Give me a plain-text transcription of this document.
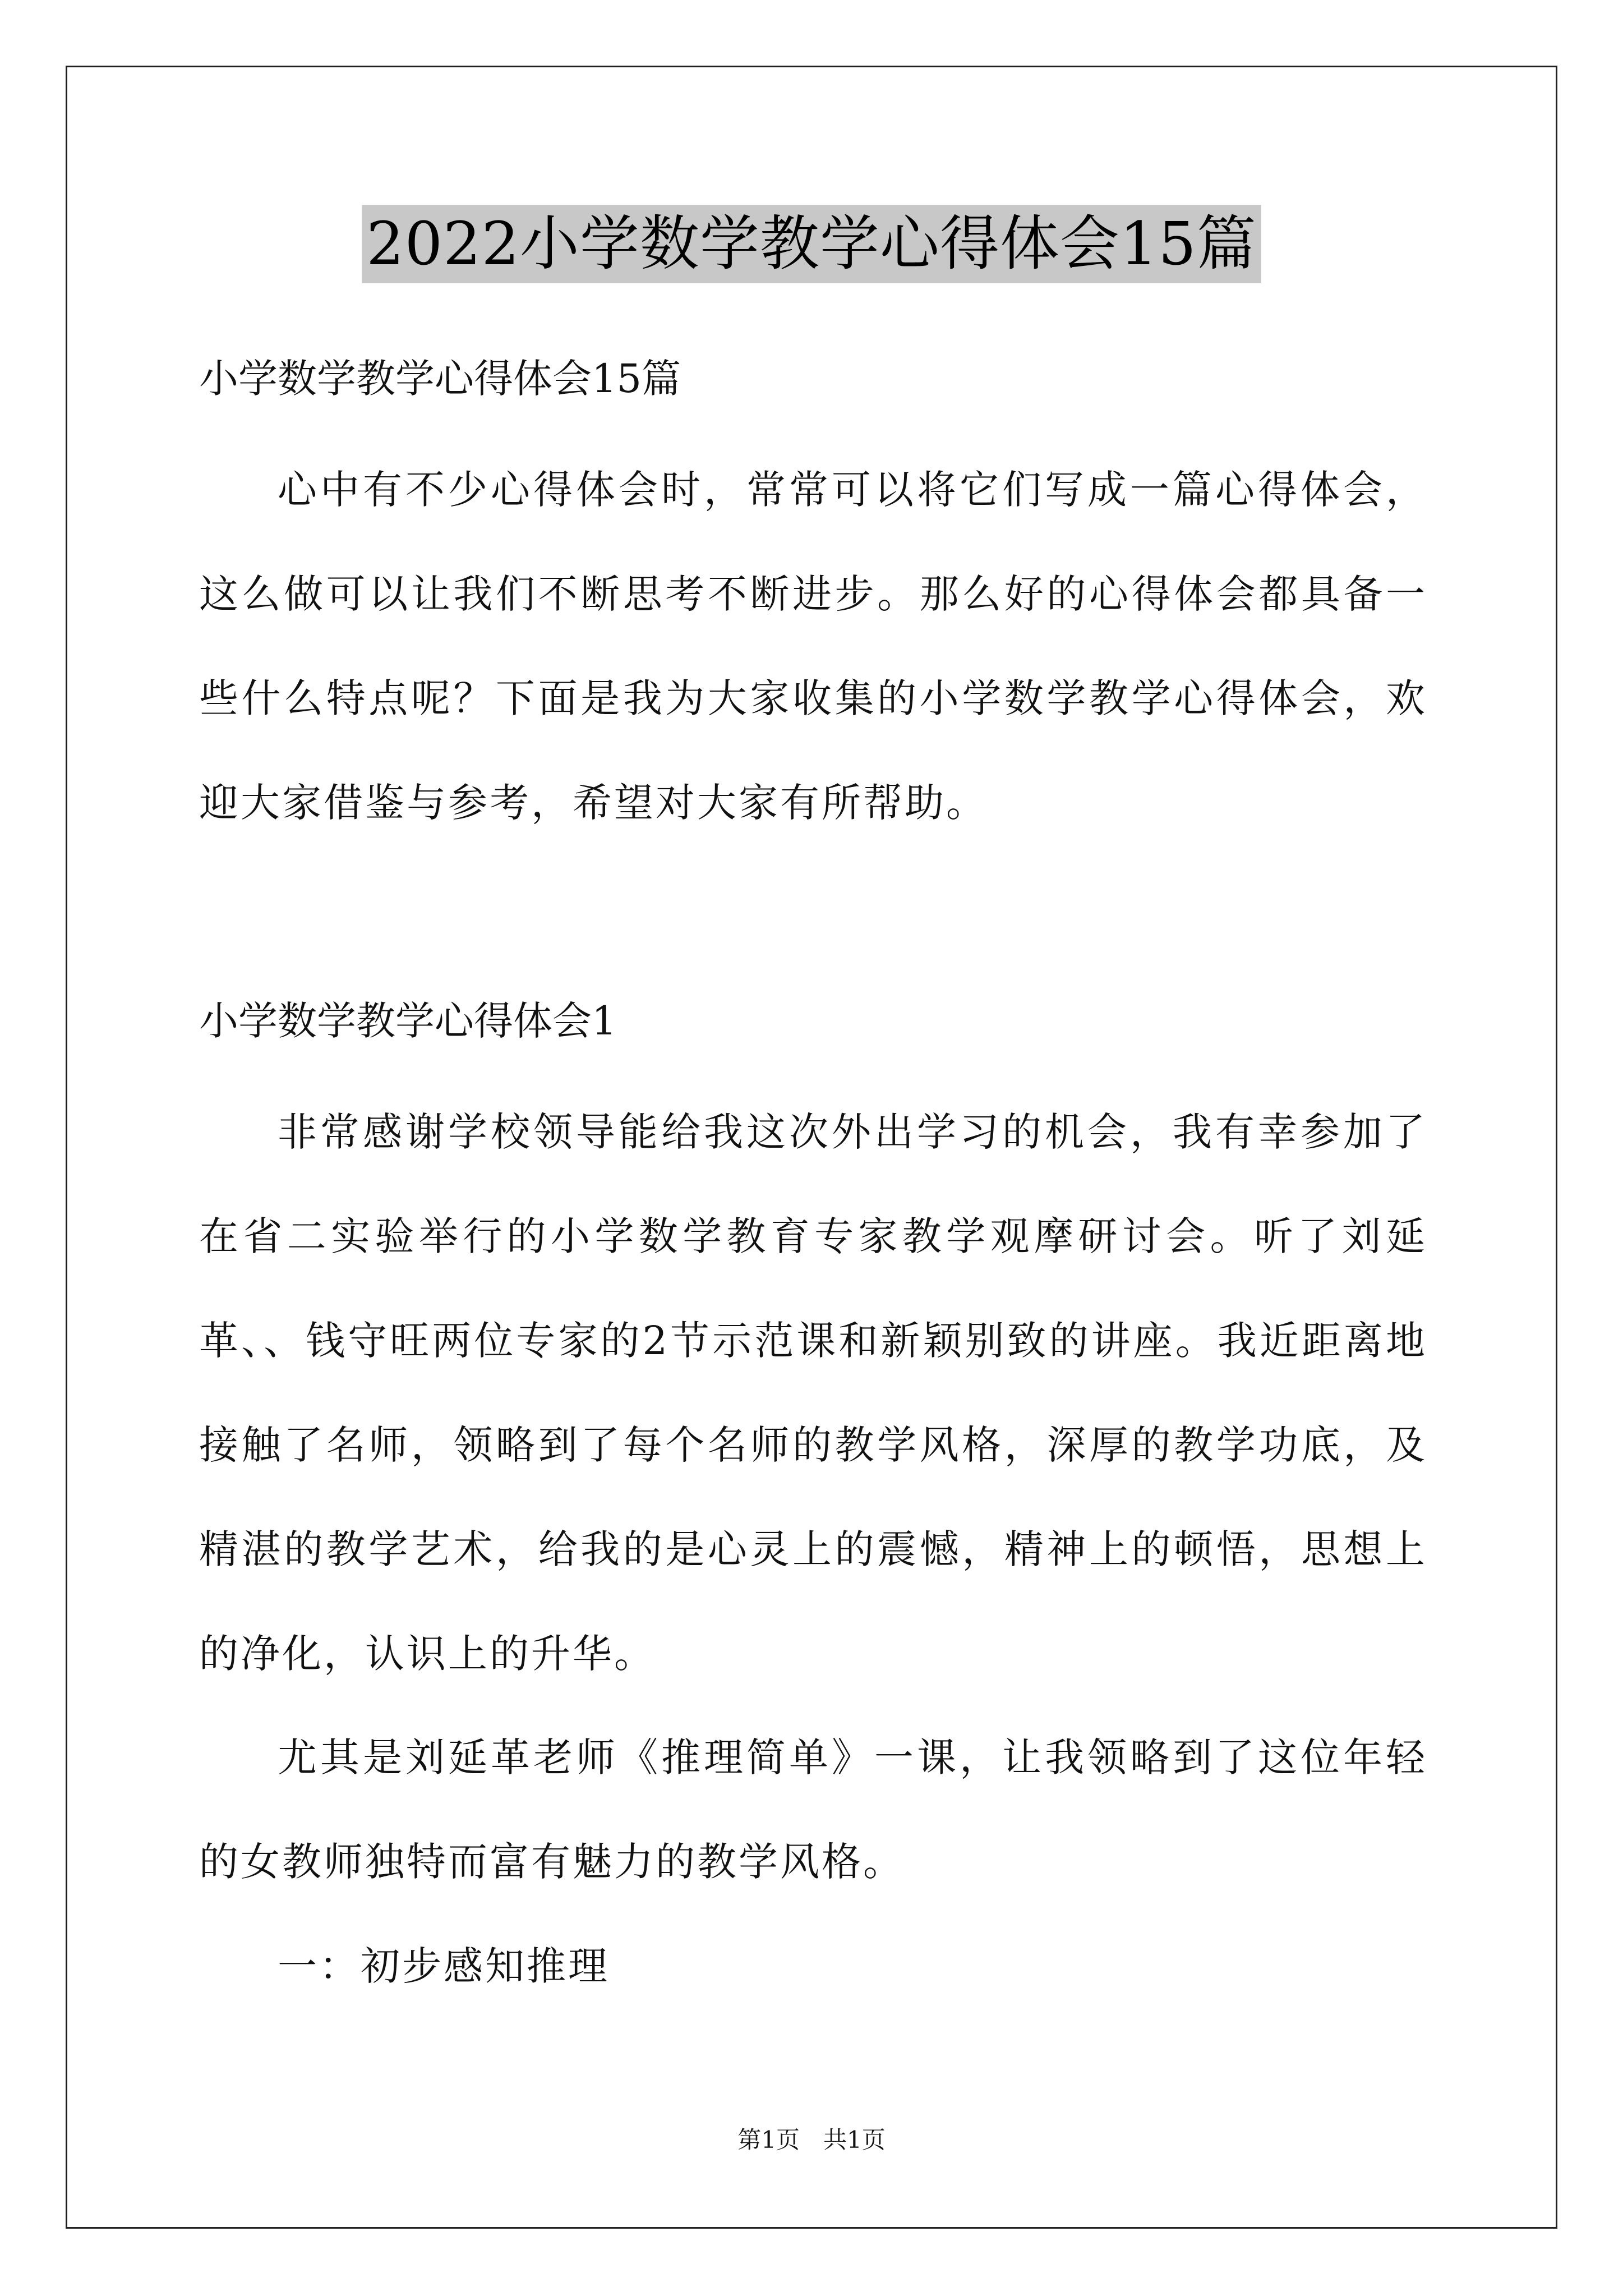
2022小学数学教学心得体会15篇
小学数学教学心得体会15篇
心中有不少心得体会时，常常可以将它们写成一篇心得体会，这么做可以让我们不断思考不断进步。那么好的心得体会都具备一些什么特点呢？下面是我为大家收集的小学数学教学心得体会，欢迎大家借鉴与参考，希望对大家有所帮助。
小学数学教学心得体会1
非常感谢学校领导能给我这次外出学习的机会，我有幸参加了在省二实验举行的小学数学教育专家教学观摩研讨会。听了刘延革、、钱守旺两位专家的2节示范课和新颖别致的讲座。我近距离地接触了名师，领略到了每个名师的教学风格，深厚的教学功底，及精湛的教学艺术，给我的是心灵上的震憾，精神上的顿悟，思想上的净化，认识上的升华。
尤其是刘延革老师《推理简单》一课，让我领略到了这位年轻的女教师独特而富有魅力的教学风格。
一：初步感知推理
第1页　共1页
